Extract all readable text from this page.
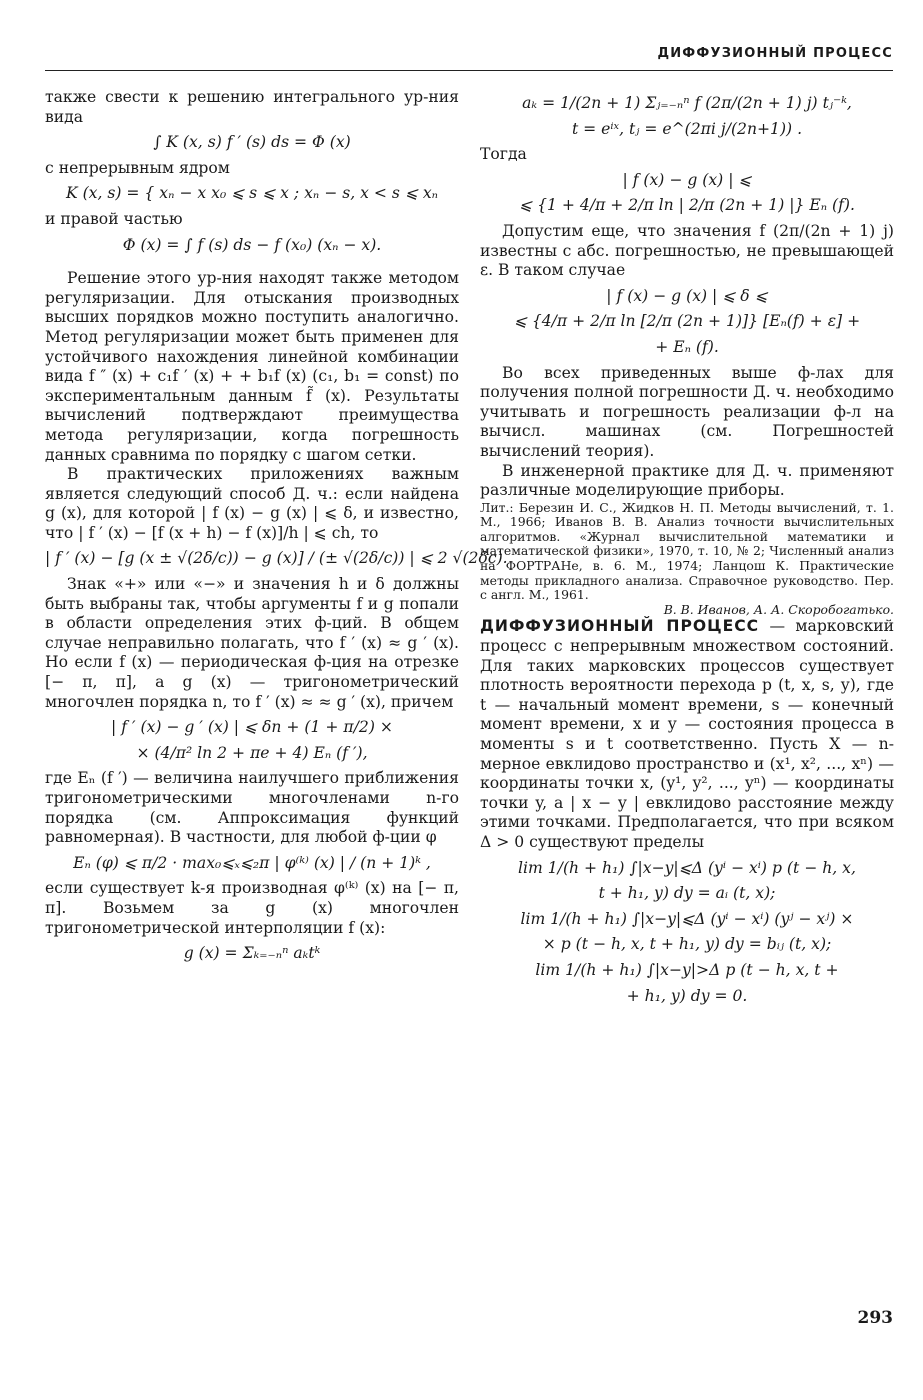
ДИФФУЗИОННЫЙ ПРОЦЕСС

также свести к решению интегрального ур-ния вида

∫ K (x, s) f ′ (s) ds = Φ (x)

с непрерывным ядром

K (x, s) = { xₙ − x x₀ ⩽ s ⩽ x ; xₙ − s, x < s ⩽ xₙ

и правой частью

Φ (x) = ∫ f (s) ds − f (x₀) (xₙ − x).

Решение этого ур-ния находят также методом регуляризации. Для отыскания производных высших порядков можно поступить аналогично. Метод регуляризации может быть применен для устойчивого нахождения линейной комбинации вида f ″ (x) + c₁f ′ (x) + + b₁f (x) (c₁, b₁ = const) по экспериментальным данным f̃ (x). Результаты вычислений подтверждают преимущества метода регуляризации, когда погрешность данных сравнима по порядку с шагом сетки.

В практических приложениях важным является следующий способ Д. ч.: если найдена g (x), для которой | f (x) − g (x) | ⩽ δ, и известно, что | f ′ (x) − [f (x + h) − f (x)]/h | ⩽ ch, то

| f ′ (x) − [g (x ± √(2δ/c)) − g (x)] / (± √(2δ/c)) | ⩽ 2 √(2δc).

Знак «+» или «−» и значения h и δ должны быть выбраны так, чтобы аргументы f и g попали в области определения этих ф-ций. В общем случае неправильно полагать, что f ′ (x) ≈ g ′ (x). Но если f (x) — периодическая ф-ция на отрезке [− π, π], а g (x) — тригонометрический многочлен порядка n, то f ′ (x) ≈ ≈ g ′ (x), причем

| f ′ (x) − g ′ (x) | ⩽ δn + (1 + π/2) ×
× (4/π² ln 2 + πe + 4) Eₙ (f ′),

где Eₙ (f ′) — величина наилучшего приближения тригонометрическими многочленами n-го порядка (см. Аппроксимация функций равномерная). В частности, для любой ф-ции φ

Eₙ (φ) ⩽ π/2 · max₀⩽ₓ⩽₂π | φ⁽ᵏ⁾ (x) | / (n + 1)ᵏ ,

если существует k-я производная φ⁽ᵏ⁾ (x) на [− π, π]. Возьмем за g (x) многочлен тригонометрической интерполяции f (x):

g (x) = Σₖ₌₋ₙⁿ aₖtᵏ
aₖ = 1/(2n + 1) Σⱼ₌₋ₙⁿ f (2π/(2n + 1) j) tⱼ⁻ᵏ,
t = eⁱˣ, tⱼ = e^(2πi j/(2n+1)) .

Тогда

| f (x) − g (x) | ⩽
⩽ {1 + 4/π + 2/π ln | 2/π (2n + 1) |} Eₙ (f).

Допустим еще, что значения f (2π/(2n + 1) j) известны с абс. погрешностью, не превышающей ε. В таком случае

| f (x) − g (x) | ⩽ δ ⩽
⩽ {4/π + 2/π ln [2/π (2n + 1)]} [Eₙ(f) + ε] +
+ Eₙ (f).

Во всех приведенных выше ф-лах для получения полной погрешности Д. ч. необходимо учитывать и погрешность реализации ф-л на вычисл. машинах (см. Погрешностей вычислений теория).

В инженерной практике для Д. ч. применяют различные моделирующие приборы.

Лит.: Березин И. С., Жидков Н. П. Методы вычислений, т. 1. М., 1966; Иванов В. В. Анализ точности вычислительных алгоритмов. «Журнал вычислительной математики и математической физики», 1970, т. 10, № 2; Численный анализ на ФОРТРАНе, в. 6. М., 1974; Ланцош К. Практические методы прикладного анализа. Справочное руководство. Пер. с англ. М., 1961.

В. В. Иванов, А. А. Скоробогатько.

ДИФФУЗИОННЫЙ ПРОЦЕСС — марковский процесс с непрерывным множеством состояний. Для таких марковских процессов существует плотность вероятности перехода p (t, x, s, y), где t — начальный момент времени, s — конечный момент времени, x и y — состояния процесса в моменты s и t соответственно. Пусть X — n-мерное евклидово пространство и (x¹, x², ..., xⁿ) — координаты точки x, (y¹, y², ..., yⁿ) — координаты точки y, а | x − y | евклидово расстояние между этими точками. Предполагается, что при всяком Δ > 0 существуют пределы

lim 1/(h + h₁) ∫|x−y|⩽Δ (yⁱ − xⁱ) p (t − h, x,
t + h₁, y) dy = aᵢ (t, x);
lim 1/(h + h₁) ∫|x−y|⩽Δ (yⁱ − xⁱ) (yʲ − xʲ) ×
× p (t − h, x, t + h₁, y) dy = bᵢⱼ (t, x);
lim 1/(h + h₁) ∫|x−y|>Δ p (t − h, x, t +
+ h₁, y) dy = 0.
293
